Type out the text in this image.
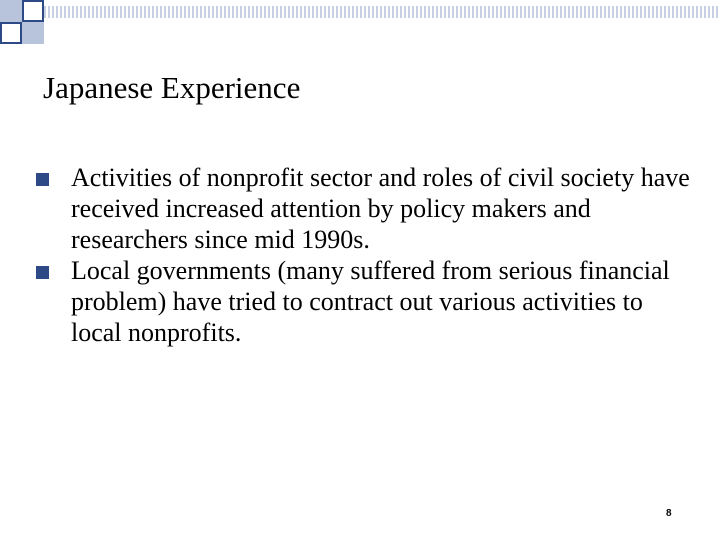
Japanese Experience
Activities of nonprofit sector and roles of civil society have received increased attention by policy makers and researchers since mid 1990s.
Local governments (many suffered from serious financial problem) have tried to contract out various activities to local nonprofits.
8
